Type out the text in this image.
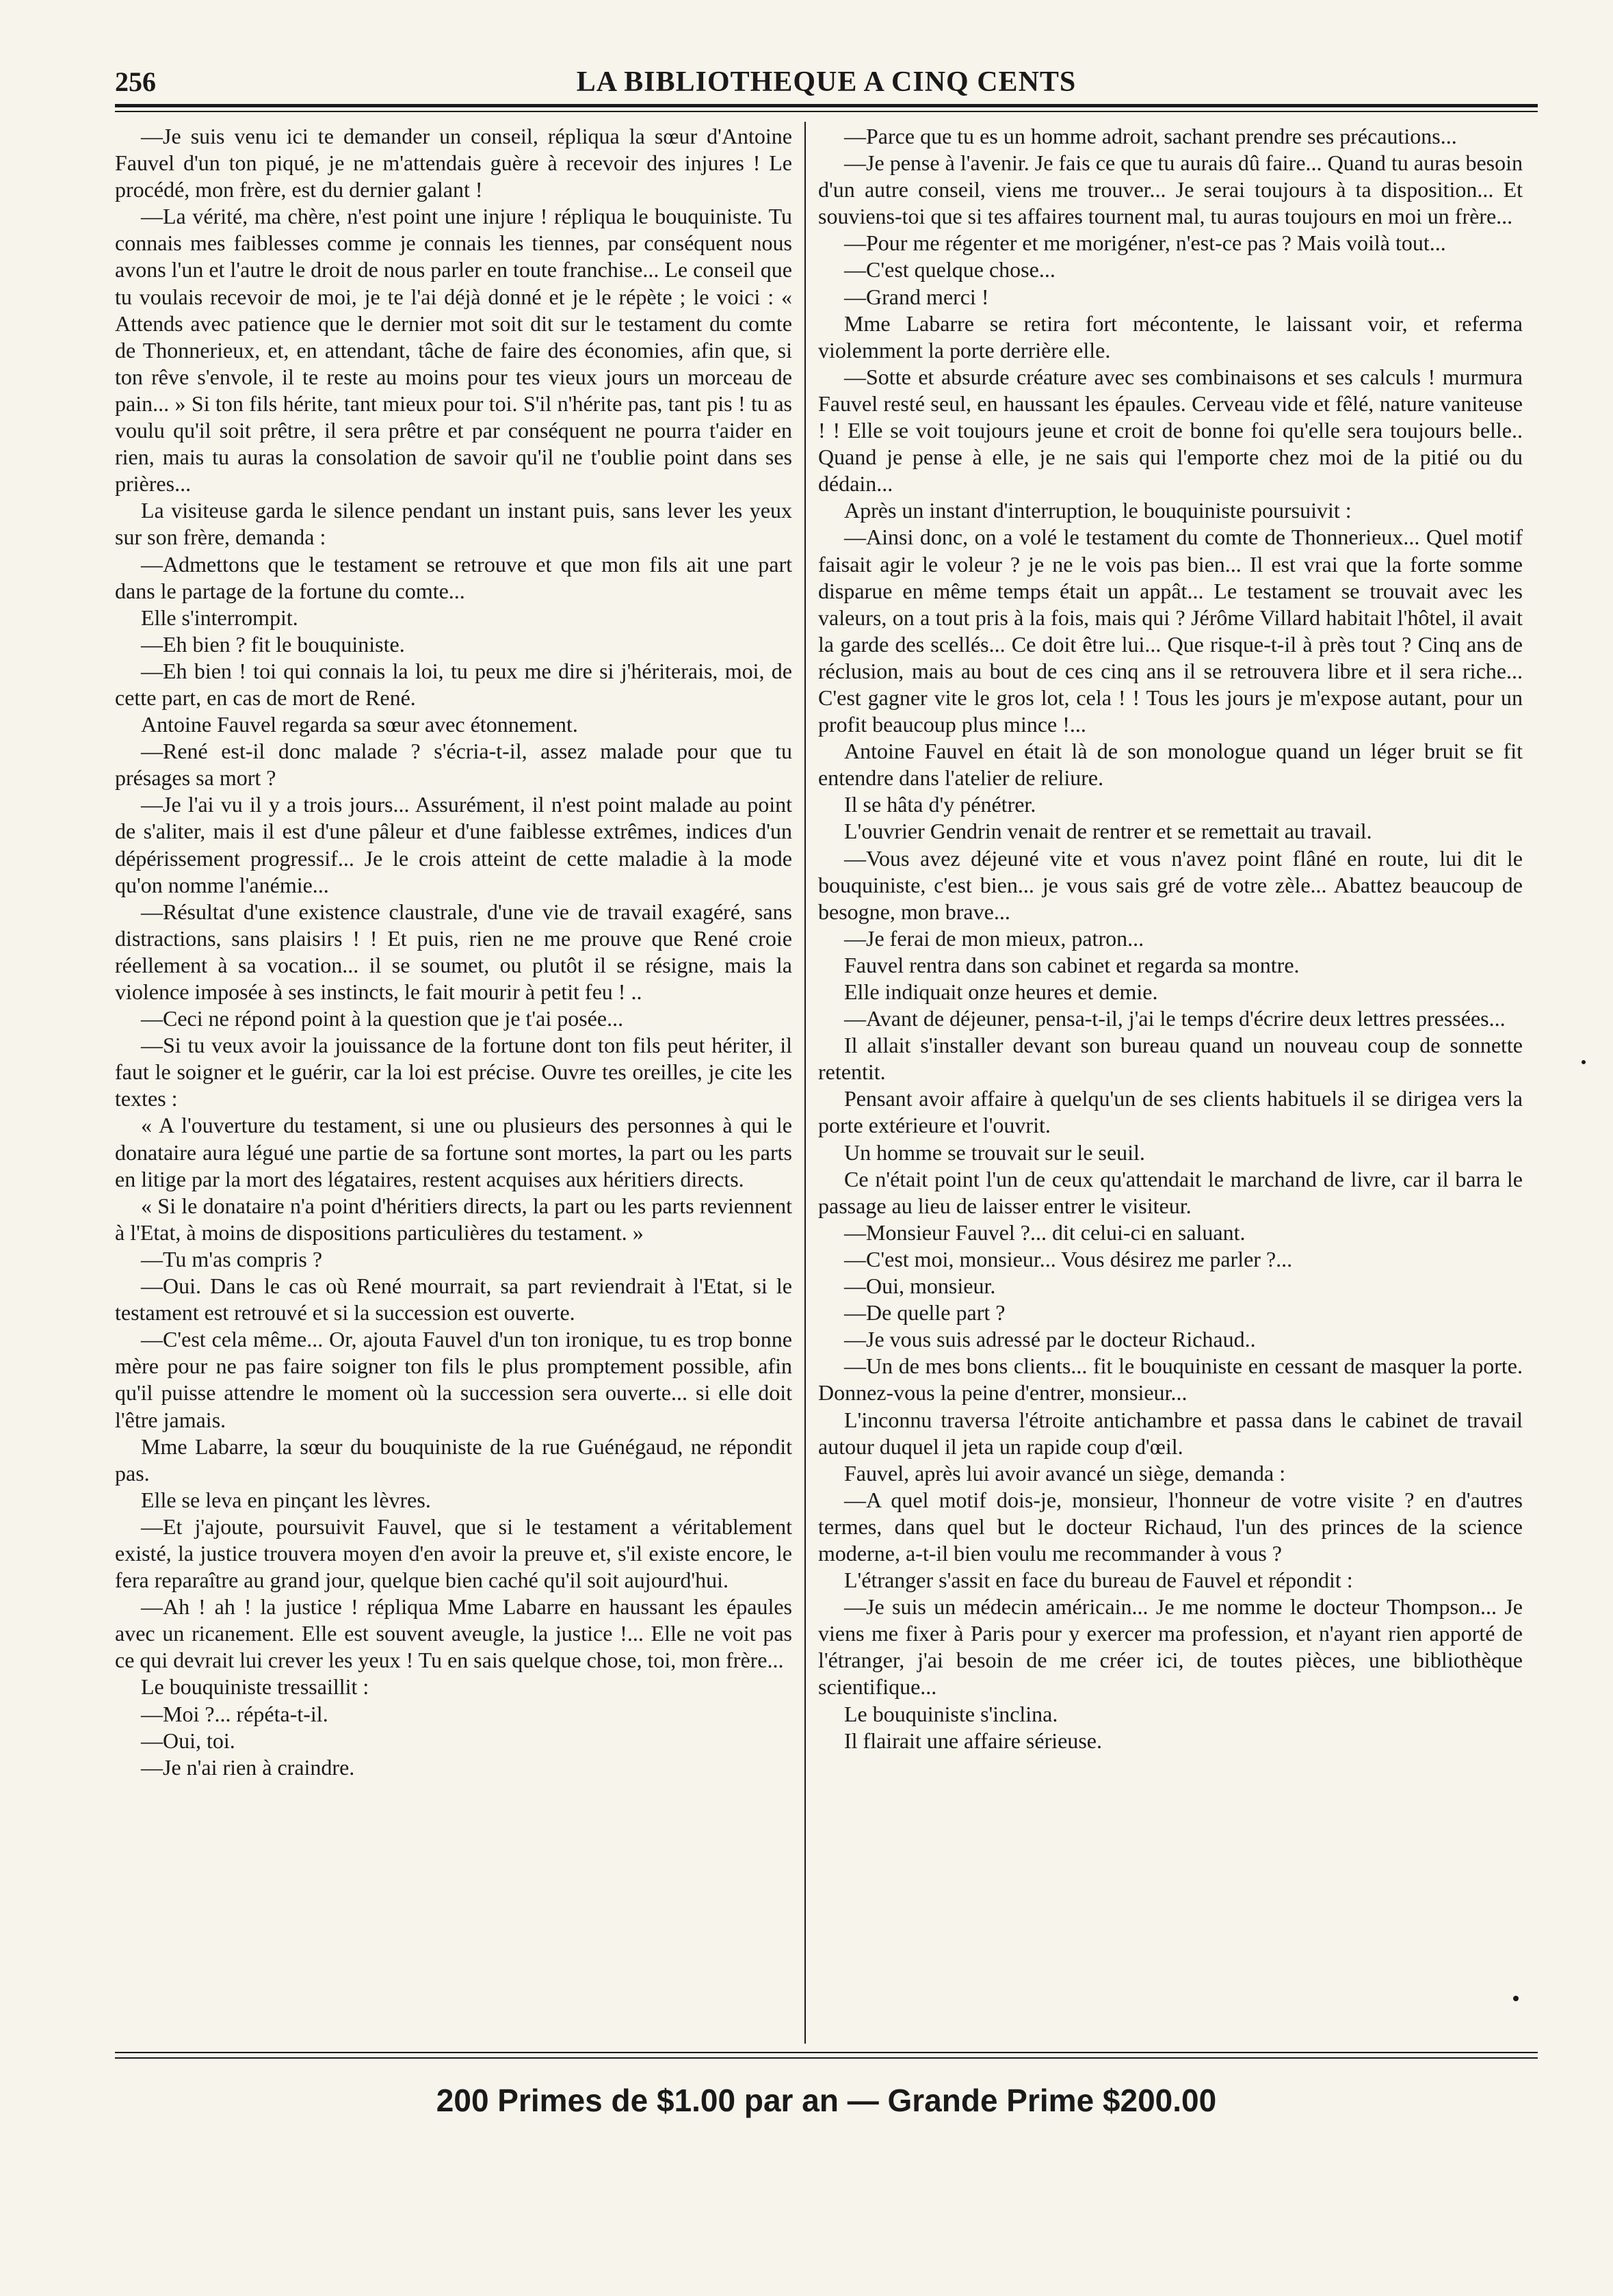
256	LA BIBLIOTHEQUE A CINQ CENTS

—Je suis venu ici te demander un conseil, répliqua la sœur d'Antoine Fauvel d'un ton piqué, je ne m'attendais guère à recevoir des injures ! Le procédé, mon frère, est du dernier galant !

—La vérité, ma chère, n'est point une injure ! répliqua le bouquiniste. Tu connais mes faiblesses comme je connais les tiennes, par conséquent nous avons l'un et l'autre le droit de nous parler en toute franchise... Le conseil que tu voulais recevoir de moi, je te l'ai déjà donné et je le répète ; le voici : « Attends avec patience que le dernier mot soit dit sur le testament du comte de Thonnerieux, et, en attendant, tâche de faire des économies, afin que, si ton rêve s'envole, il te reste au moins pour tes vieux jours un morceau de pain... » Si ton fils hérite, tant mieux pour toi. S'il n'hérite pas, tant pis ! tu as voulu qu'il soit prêtre, il sera prêtre et par conséquent ne pourra t'aider en rien, mais tu auras la consolation de savoir qu'il ne t'oublie point dans ses prières...

La visiteuse garda le silence pendant un instant puis, sans lever les yeux sur son frère, demanda :

—Admettons que le testament se retrouve et que mon fils ait une part dans le partage de la fortune du comte...

Elle s'interrompit.

—Eh bien ? fit le bouquiniste.

—Eh bien ! toi qui connais la loi, tu peux me dire si j'hériterais, moi, de cette part, en cas de mort de René.

Antoine Fauvel regarda sa sœur avec étonnement.

—René est-il donc malade ? s'écria-t-il, assez malade pour que tu présages sa mort ?

—Je l'ai vu il y a trois jours... Assurément, il n'est point malade au point de s'aliter, mais il est d'une pâleur et d'une faiblesse extrêmes, indices d'un dépérissement progressif... Je le crois atteint de cette maladie à la mode qu'on nomme l'anémie...

—Résultat d'une existence claustrale, d'une vie de travail exagéré, sans distractions, sans plaisirs ! ! Et puis, rien ne me prouve que René croie réellement à sa vocation... il se soumet, ou plutôt il se résigne, mais la violence imposée à ses instincts, le fait mourir à petit feu ! ..

—Ceci ne répond point à la question que je t'ai posée...

—Si tu veux avoir la jouissance de la fortune dont ton fils peut hériter, il faut le soigner et le guérir, car la loi est précise. Ouvre tes oreilles, je cite les textes :

« A l'ouverture du testament, si une ou plusieurs des personnes à qui le donataire aura légué une partie de sa fortune sont mortes, la part ou les parts en litige par la mort des légataires, restent acquises aux héritiers directs.

« Si le donataire n'a point d'héritiers directs, la part ou les parts reviennent à l'Etat, à moins de dispositions particulières du testament. »

—Tu m'as compris ?

—Oui. Dans le cas où René mourrait, sa part reviendrait à l'Etat, si le testament est retrouvé et si la succession est ouverte.

—C'est cela même... Or, ajouta Fauvel d'un ton ironique, tu es trop bonne mère pour ne pas faire soigner ton fils le plus promptement possible, afin qu'il puisse attendre le moment où la succession sera ouverte... si elle doit l'être jamais.

Mme Labarre, la sœur du bouquiniste de la rue Guénégaud, ne répondit pas.

Elle se leva en pinçant les lèvres.

—Et j'ajoute, poursuivit Fauvel, que si le testament a véritablement existé, la justice trouvera moyen d'en avoir la preuve et, s'il existe encore, le fera reparaître au grand jour, quelque bien caché qu'il soit aujourd'hui.

—Ah ! ah ! la justice ! répliqua Mme Labarre en haussant les épaules avec un ricanement. Elle est souvent aveugle, la justice !... Elle ne voit pas ce qui devrait lui crever les yeux ! Tu en sais quelque chose, toi, mon frère...

Le bouquiniste tressaillit :

—Moi ?... répéta-t-il.

—Oui, toi.

—Je n'ai rien à craindre.

—Parce que tu es un homme adroit, sachant prendre ses précautions...

—Je pense à l'avenir. Je fais ce que tu aurais dû faire... Quand tu auras besoin d'un autre conseil, viens me trouver... Je serai toujours à ta disposition... Et souviens-toi que si tes affaires tournent mal, tu auras toujours en moi un frère...

—Pour me régenter et me morigéner, n'est-ce pas ? Mais voilà tout...

—C'est quelque chose...

—Grand merci !

Mme Labarre se retira fort mécontente, le laissant voir, et referma violemment la porte derrière elle.

—Sotte et absurde créature avec ses combinaisons et ses calculs ! murmura Fauvel resté seul, en haussant les épaules. Cerveau vide et fêlé, nature vaniteuse ! ! Elle se voit toujours jeune et croit de bonne foi qu'elle sera toujours belle.. Quand je pense à elle, je ne sais qui l'emporte chez moi de la pitié ou du dédain...

Après un instant d'interruption, le bouquiniste poursuivit :

—Ainsi donc, on a volé le testament du comte de Thonnerieux... Quel motif faisait agir le voleur ? je ne le vois pas bien... Il est vrai que la forte somme disparue en même temps était un appât... Le testament se trouvait avec les valeurs, on a tout pris à la fois, mais qui ? Jérôme Villard habitait l'hôtel, il avait la garde des scellés... Ce doit être lui... Que risque-t-il à près tout ? Cinq ans de réclusion, mais au bout de ces cinq ans il se retrouvera libre et il sera riche... C'est gagner vite le gros lot, cela ! ! Tous les jours je m'expose autant, pour un profit beaucoup plus mince !...

Antoine Fauvel en était là de son monologue quand un léger bruit se fit entendre dans l'atelier de reliure.

Il se hâta d'y pénétrer.

L'ouvrier Gendrin venait de rentrer et se remettait au travail.

—Vous avez déjeuné vite et vous n'avez point flâné en route, lui dit le bouquiniste, c'est bien... je vous sais gré de votre zèle... Abattez beaucoup de besogne, mon brave...

—Je ferai de mon mieux, patron...

Fauvel rentra dans son cabinet et regarda sa montre.

Elle indiquait onze heures et demie.

—Avant de déjeuner, pensa-t-il, j'ai le temps d'écrire deux lettres pressées...

Il allait s'installer devant son bureau quand un nouveau coup de sonnette retentit.

Pensant avoir affaire à quelqu'un de ses clients habituels il se dirigea vers la porte extérieure et l'ouvrit.

Un homme se trouvait sur le seuil.

Ce n'était point l'un de ceux qu'attendait le marchand de livre, car il barra le passage au lieu de laisser entrer le visiteur.

—Monsieur Fauvel ?... dit celui-ci en saluant.

—C'est moi, monsieur... Vous désirez me parler ?...

—Oui, monsieur.

—De quelle part ?

—Je vous suis adressé par le docteur Richaud..

—Un de mes bons clients... fit le bouquiniste en cessant de masquer la porte. Donnez-vous la peine d'entrer, monsieur...

L'inconnu traversa l'étroite antichambre et passa dans le cabinet de travail autour duquel il jeta un rapide coup d'œil.

Fauvel, après lui avoir avancé un siège, demanda :

—A quel motif dois-je, monsieur, l'honneur de votre visite ? en d'autres termes, dans quel but le docteur Richaud, l'un des princes de la science moderne, a-t-il bien voulu me recommander à vous ?

L'étranger s'assit en face du bureau de Fauvel et répondit :

—Je suis un médecin américain... Je me nomme le docteur Thompson... Je viens me fixer à Paris pour y exercer ma profession, et n'ayant rien apporté de l'étranger, j'ai besoin de me créer ici, de toutes pièces, une bibliothèque scientifique...

Le bouquiniste s'inclina.

Il flairait une affaire sérieuse.

200 Primes de $1.00 par an — Grande Prime $200.00
